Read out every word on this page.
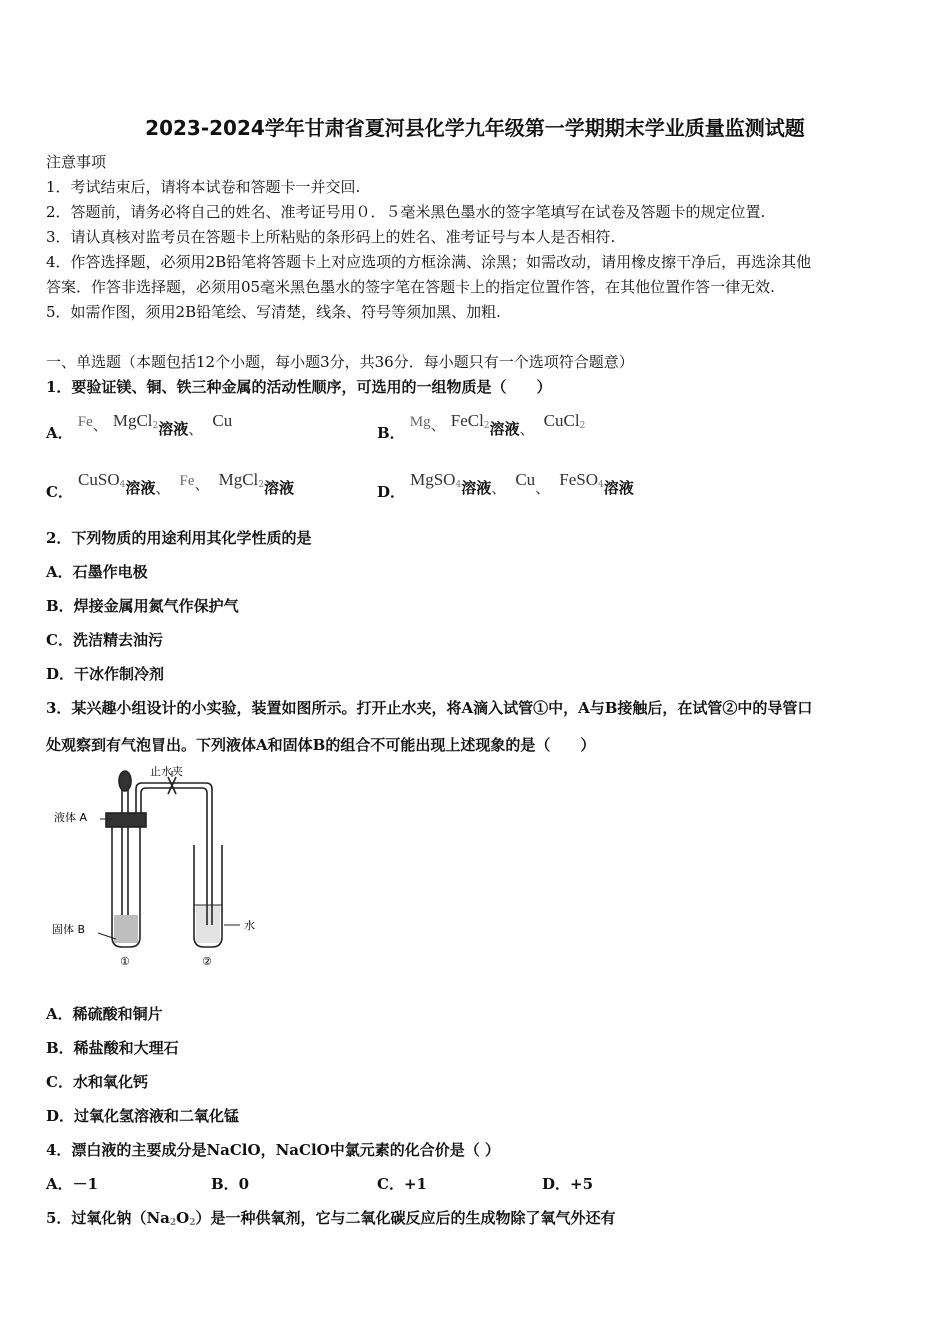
2023-2024学年甘肃省夏河县化学九年级第一学期期末学业质量监测试题
注意事项
1．考试结束后，请将本试卷和答题卡一并交回.
2．答题前，请务必将自己的姓名、准考证号用０．５毫米黑色墨水的签字笔填写在试卷及答题卡的规定位置.
3．请认真核对监考员在答题卡上所粘贴的条形码上的姓名、准考证号与本人是否相符.
4．作答选择题，必须用2B铅笔将答题卡上对应选项的方框涂满、涂黑；如需改动，请用橡皮擦干净后，再选涂其他
答案．作答非选择题，必须用05毫米黑色墨水的签字笔在答题卡上的指定位置作答，在其他位置作答一律无效.
5．如需作图，须用2B铅笔绘、写清楚，线条、符号等须加黑、加粗.
一、单选题（本题包括12个小题，每小题3分，共36分．每小题只有一个选项符合题意）
1．要验证镁、铜、铁三种金属的活动性顺序，可选用的一组物质是（　　）
A． Fe、 MgCl$_2$溶液、 Cu
B． Mg、 FeCl$_2$溶液、 CuCl$_2$
C． CuSO$_4$溶液、 Fe、 MgCl$_2$溶液	D． MgSO$_4$溶液、 Cu、 FeSO$_4$溶液
2．下列物质的用途利用其化学性质的是
A．石墨作电极
B．焊接金属用氮气作保护气
C．洗洁精去油污
D．干冰作制冷剂
3．某兴趣小组设计的小实验，装置如图所示。打开止水夹，将A滴入试管①中，A与B接触后，在试管②中的导管口
处观察到有气泡冒出。下列液体A和固体B的组合不可能出现上述现象的是（　　）
止水夹
液体 A
固体 B	水
①	②
A．稀硫酸和铜片
B．稀盐酸和大理石
C．水和氧化钙
D．过氧化氢溶液和二氧化锰
4．漂白液的主要成分是NaClO，NaClO中氯元素的化合价是（ ）
A．－1	B．0	C．+1	D．+5
5．过氧化钠$(Na_2O_2)$是一种供氧剂，它与二氧化碳反应后的生成物除了氧气外还有
